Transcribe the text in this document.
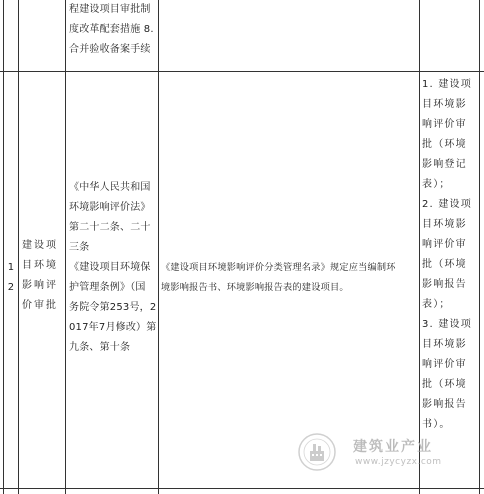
程建设项目审批制
度改革配套措施 8.
合并验收备案手续
1
2
建设项
目环境
影响评
价审批
《中华人民共和国
环境影响评价法》
第二十二条、二十
三条
《建设项目环境保
护管理条例》（国
务院令第253号，2
017年7月修改）第
九条、第十条
《建设项目环境影响评价分类管理名录》规定应当编制环
境影响报告书、环境影响报告表的建设项目。
1. 建设项
目环境影
响评价审
批（环境
影响登记
表）；
2. 建设项
目环境影
响评价审
批（环境
影响报告
表）；
3. 建设项
目环境影
响评价审
批（环境
影响报告
书）。
建筑业产业
www.jzycyzx.com
